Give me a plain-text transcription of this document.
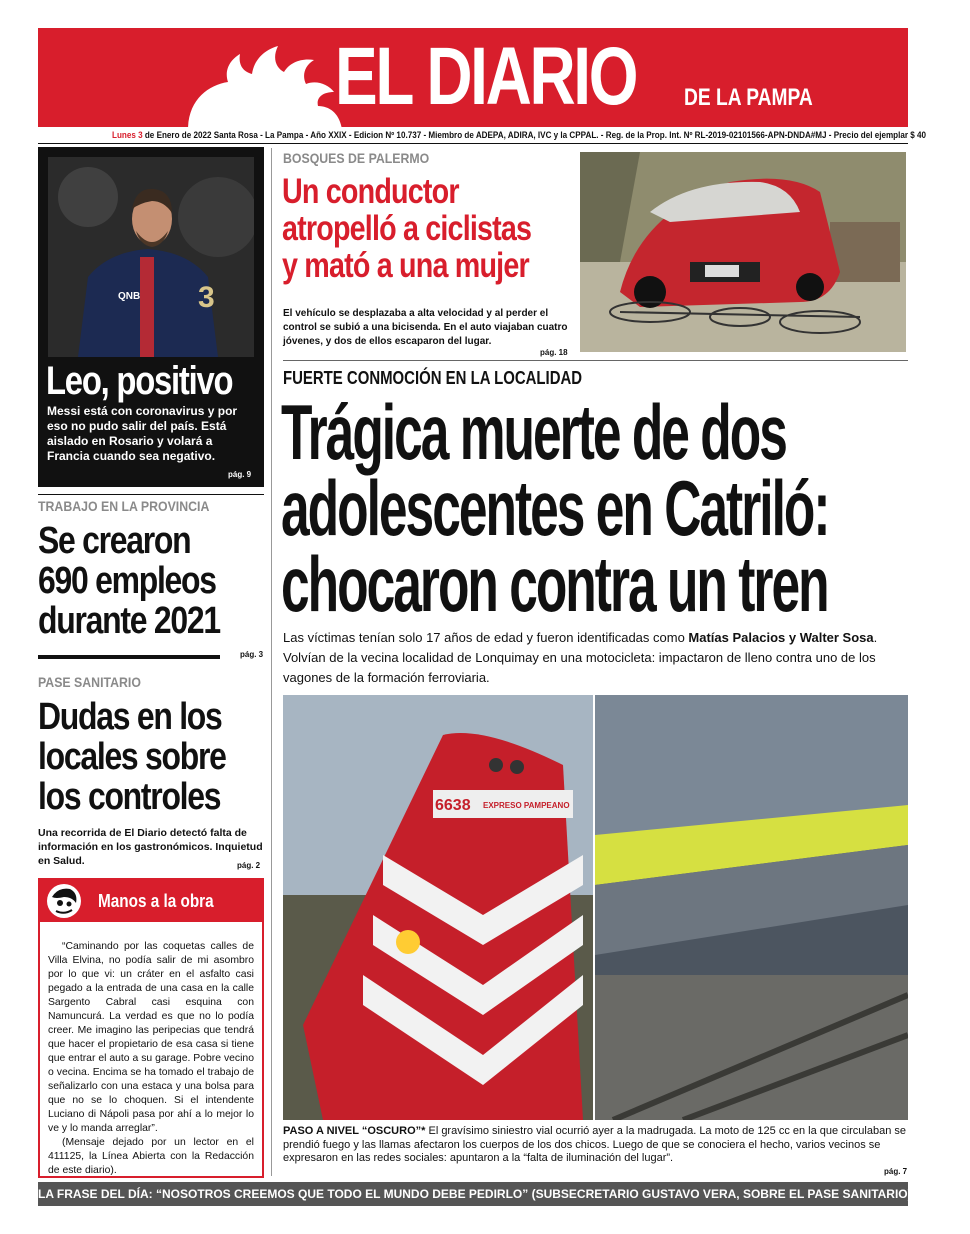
EL DIARIO DE LA PAMPA
Lunes 3 de Enero de 2022 Santa Rosa - La Pampa - Año XXIX - Edicion Nº 10.737 - Miembro de ADEPA, ADIRA, IVC y la CPPAL. - Reg. de la Prop. Int. Nº RL-2019-02101566-APN-DNDA#MJ - Precio del ejemplar $ 40
QNB 3
Leo, positivo
Messi está con coronavirus y por eso no pudo salir del país. Está aislado en Rosario y volará a Francia cuando sea negativo.
pág. 9
TRABAJO EN LA PROVINCIA
Se crearon
690 empleos
durante 2021
pág. 3
PASE SANITARIO
Dudas en los
locales sobre
los controles
Una recorrida de El Diario detectó falta de información en los gastronómicos. Inquietud en Salud.	pág. 2
Manos a la obra

“Caminando por las coquetas calles de Villa Elvina, no podía salir de mi asombro por lo que vi: un cráter en el asfalto casi pegado a la entrada de una casa en la calle Sargento Cabral casi esquina con Namuncurá. La verdad es que no lo podía creer. Me imagino las peripecias que tendrá que hacer el propietario de esa casa si tiene que entrar el auto a su garage. Pobre vecino o vecina. Encima se ha tomado el trabajo de señalizarlo con una estaca y una bolsa para que no se lo choquen. Si el intendente Luciano di Nápoli pasa por ahí a lo mejor lo ve y lo manda arreglar”.

(Mensaje dejado por un lector en el 411125, la Línea Abierta con la Redacción de este diario).

BOSQUES DE PALERMO
Un conductor
atropelló a ciclistas
y mató a una mujer
El vehículo se desplazaba a alta velocidad y al perder el control se subió a una bicisenda. En el auto viajaban cuatro jóvenes, y dos de ellos escaparon del lugar.
pág. 18
FUERTE CONMOCIÓN EN LA LOCALIDAD
Trágica muerte de dos
adolescentes en Catriló:
chocaron contra un tren
Las víctimas tenían solo 17 años de edad y fueron identificadas como Matías Palacios y Walter Sosa. Volvían de la vecina localidad de Lonquimay en una motocicleta: impactaron de lleno contra uno de los vagones de la formación ferroviaria.
6638 EXPRESO PAMPEANO
PASO A NIVEL “OSCURO”* El gravísimo siniestro vial ocurrió ayer a la madrugada. La moto de 125 cc en la que circulaban se prendió fuego y las llamas afectaron los cuerpos de los dos chicos. Luego de que se conociera el hecho, varios vecinos se expresaron en las redes sociales: apuntaron a la “falta de iluminación del lugar”.
pág. 7
LA FRASE DEL DÍA: “NOSOTROS CREEMOS QUE TODO EL MUNDO DEBE PEDIRLO” (SUBSECRETARIO GUSTAVO VERA, SOBRE EL PASE SANITARIO). pág 2
